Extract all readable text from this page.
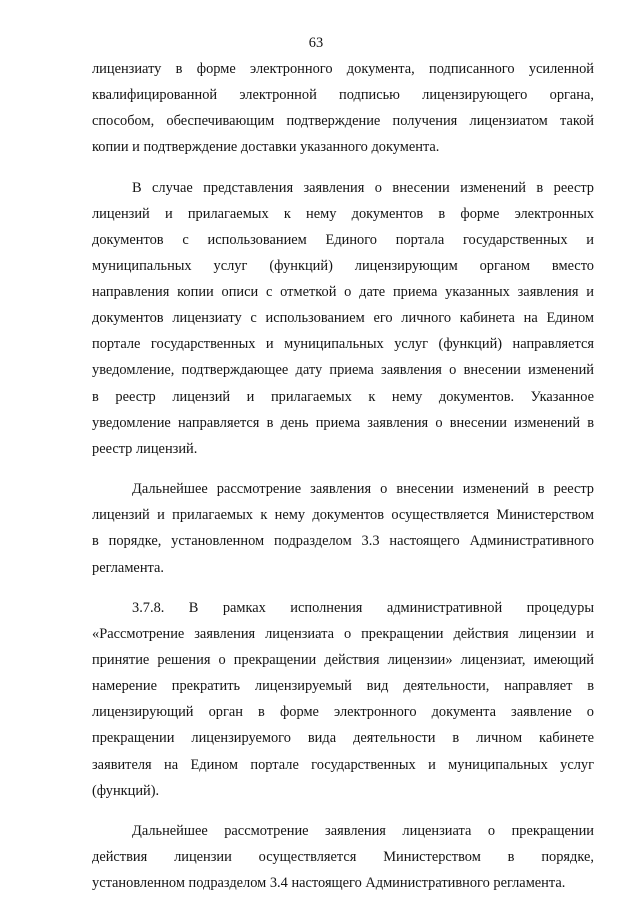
63
лицензиату в форме электронного документа, подписанного усиленной
квалифицированной электронной подписью лицензирующего органа,
способом, обеспечивающим подтверждение получения лицензиатом такой
копии и подтверждение доставки указанного документа.
В случае представления заявления о внесении изменений в реестр
лицензий и прилагаемых к нему документов в форме электронных
документов с использованием Единого портала государственных и
муниципальных услуг (функций) лицензирующим органом вместо
направления копии описи с отметкой о дате приема указанных заявления и
документов лицензиату с использованием его личного кабинета на Едином
портале государственных и муниципальных услуг (функций) направляется
уведомление, подтверждающее дату приема заявления о внесении изменений
в реестр лицензий и прилагаемых к нему документов. Указанное
уведомление направляется в день приема заявления о внесении изменений в
реестр лицензий.
Дальнейшее рассмотрение заявления о внесении изменений в реестр
лицензий и прилагаемых к нему документов осуществляется Министерством
в порядке, установленном подразделом 3.3 настоящего Административного
регламента.
3.7.8. В рамках исполнения административной процедуры
«Рассмотрение заявления лицензиата о прекращении действия лицензии и
принятие решения о прекращении действия лицензии» лицензиат, имеющий
намерение прекратить лицензируемый вид деятельности, направляет в
лицензирующий орган в форме электронного документа заявление о
прекращении лицензируемого вида деятельности в личном кабинете
заявителя на Едином портале государственных и муниципальных услуг
(функций).
Дальнейшее рассмотрение заявления лицензиата о прекращении
действия лицензии осуществляется Министерством в порядке,
установленном подразделом 3.4 настоящего Административного регламента.
